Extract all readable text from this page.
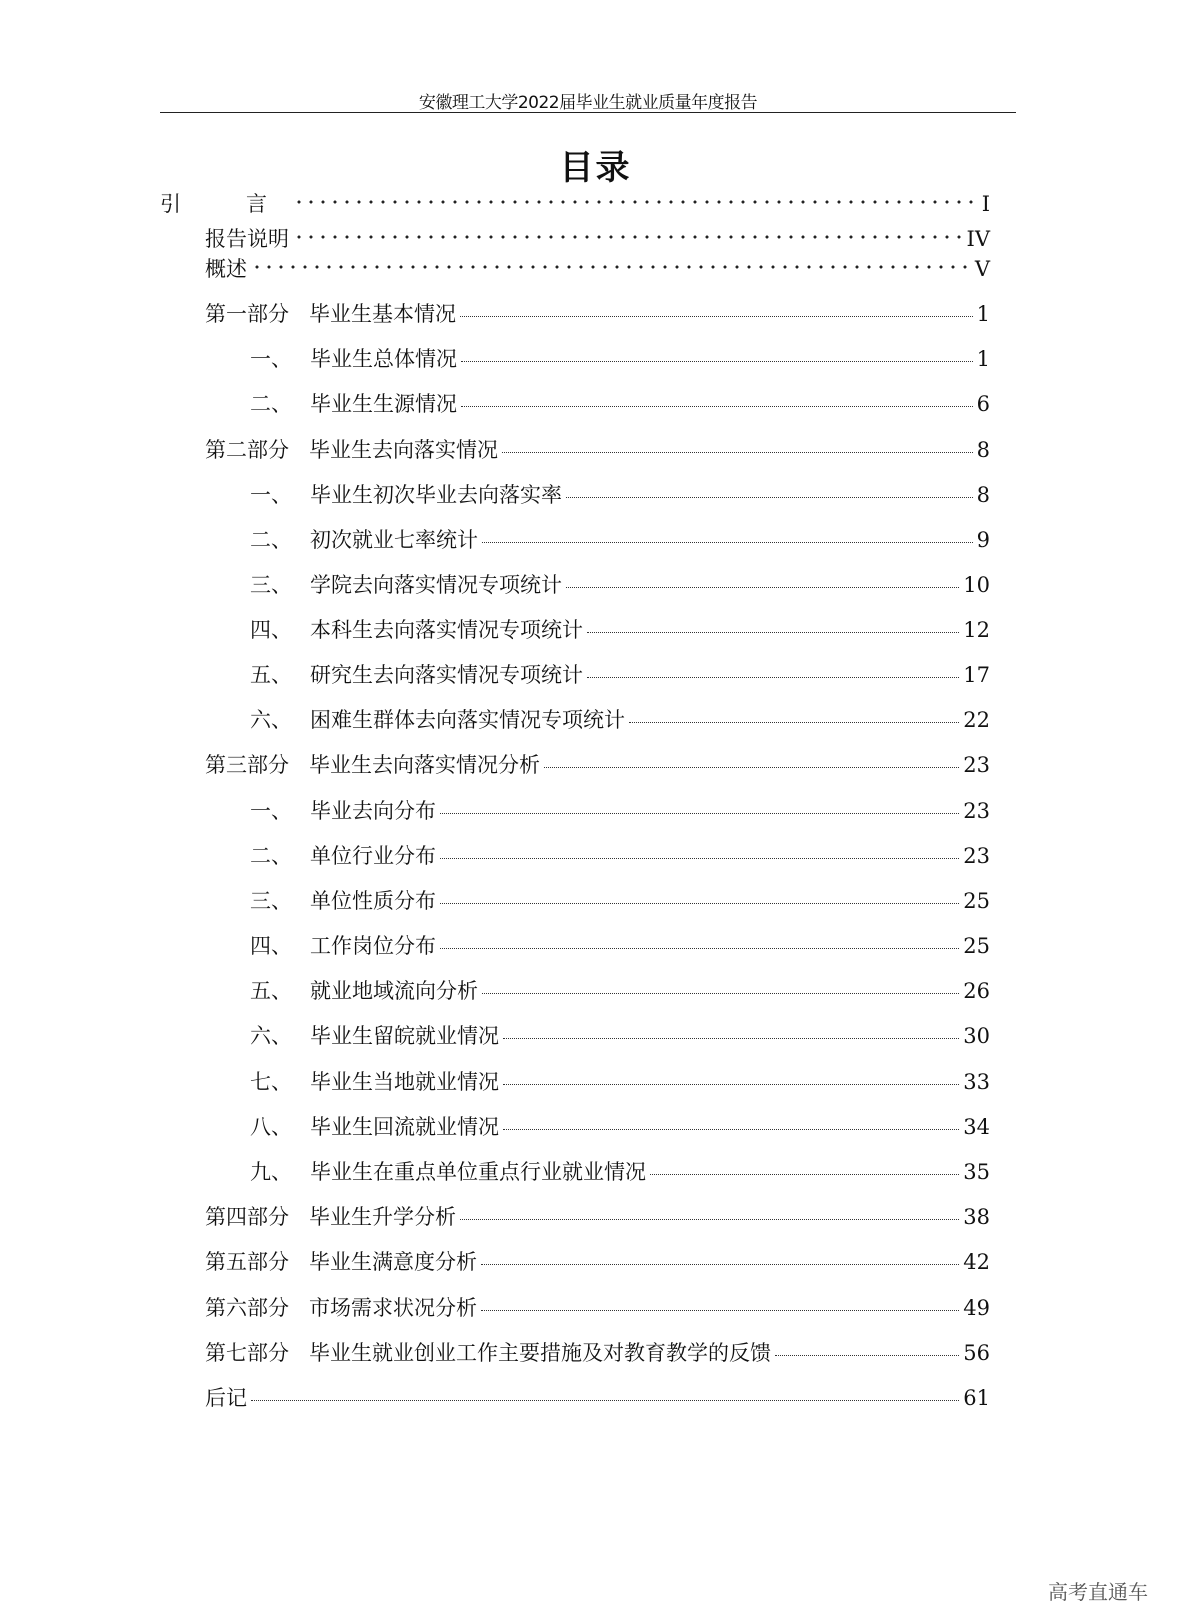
安徽理工大学2022届毕业生就业质量年度报告
目录
引　言	I
报告说明	IV
概述	V
第一部分 毕业生基本情况	1
一、 毕业生总体情况	1
二、 毕业生生源情况	6
第二部分 毕业生去向落实情况	8
一、 毕业生初次毕业去向落实率	8
二、 初次就业七率统计	9
三、 学院去向落实情况专项统计	10
四、 本科生去向落实情况专项统计	12
五、 研究生去向落实情况专项统计	17
六、 困难生群体去向落实情况专项统计	22
第三部分 毕业生去向落实情况分析	23
一、 毕业去向分布	23
二、 单位行业分布	23
三、 单位性质分布	25
四、 工作岗位分布	25
五、 就业地域流向分析	26
六、 毕业生留皖就业情况	30
七、 毕业生当地就业情况	33
八、 毕业生回流就业情况	34
九、 毕业生在重点单位重点行业就业情况	35
第四部分 毕业生升学分析	38
第五部分 毕业生满意度分析	42
第六部分 市场需求状况分析	49
第七部分 毕业生就业创业工作主要措施及对教育教学的反馈	56
后记	61
高考直通车
